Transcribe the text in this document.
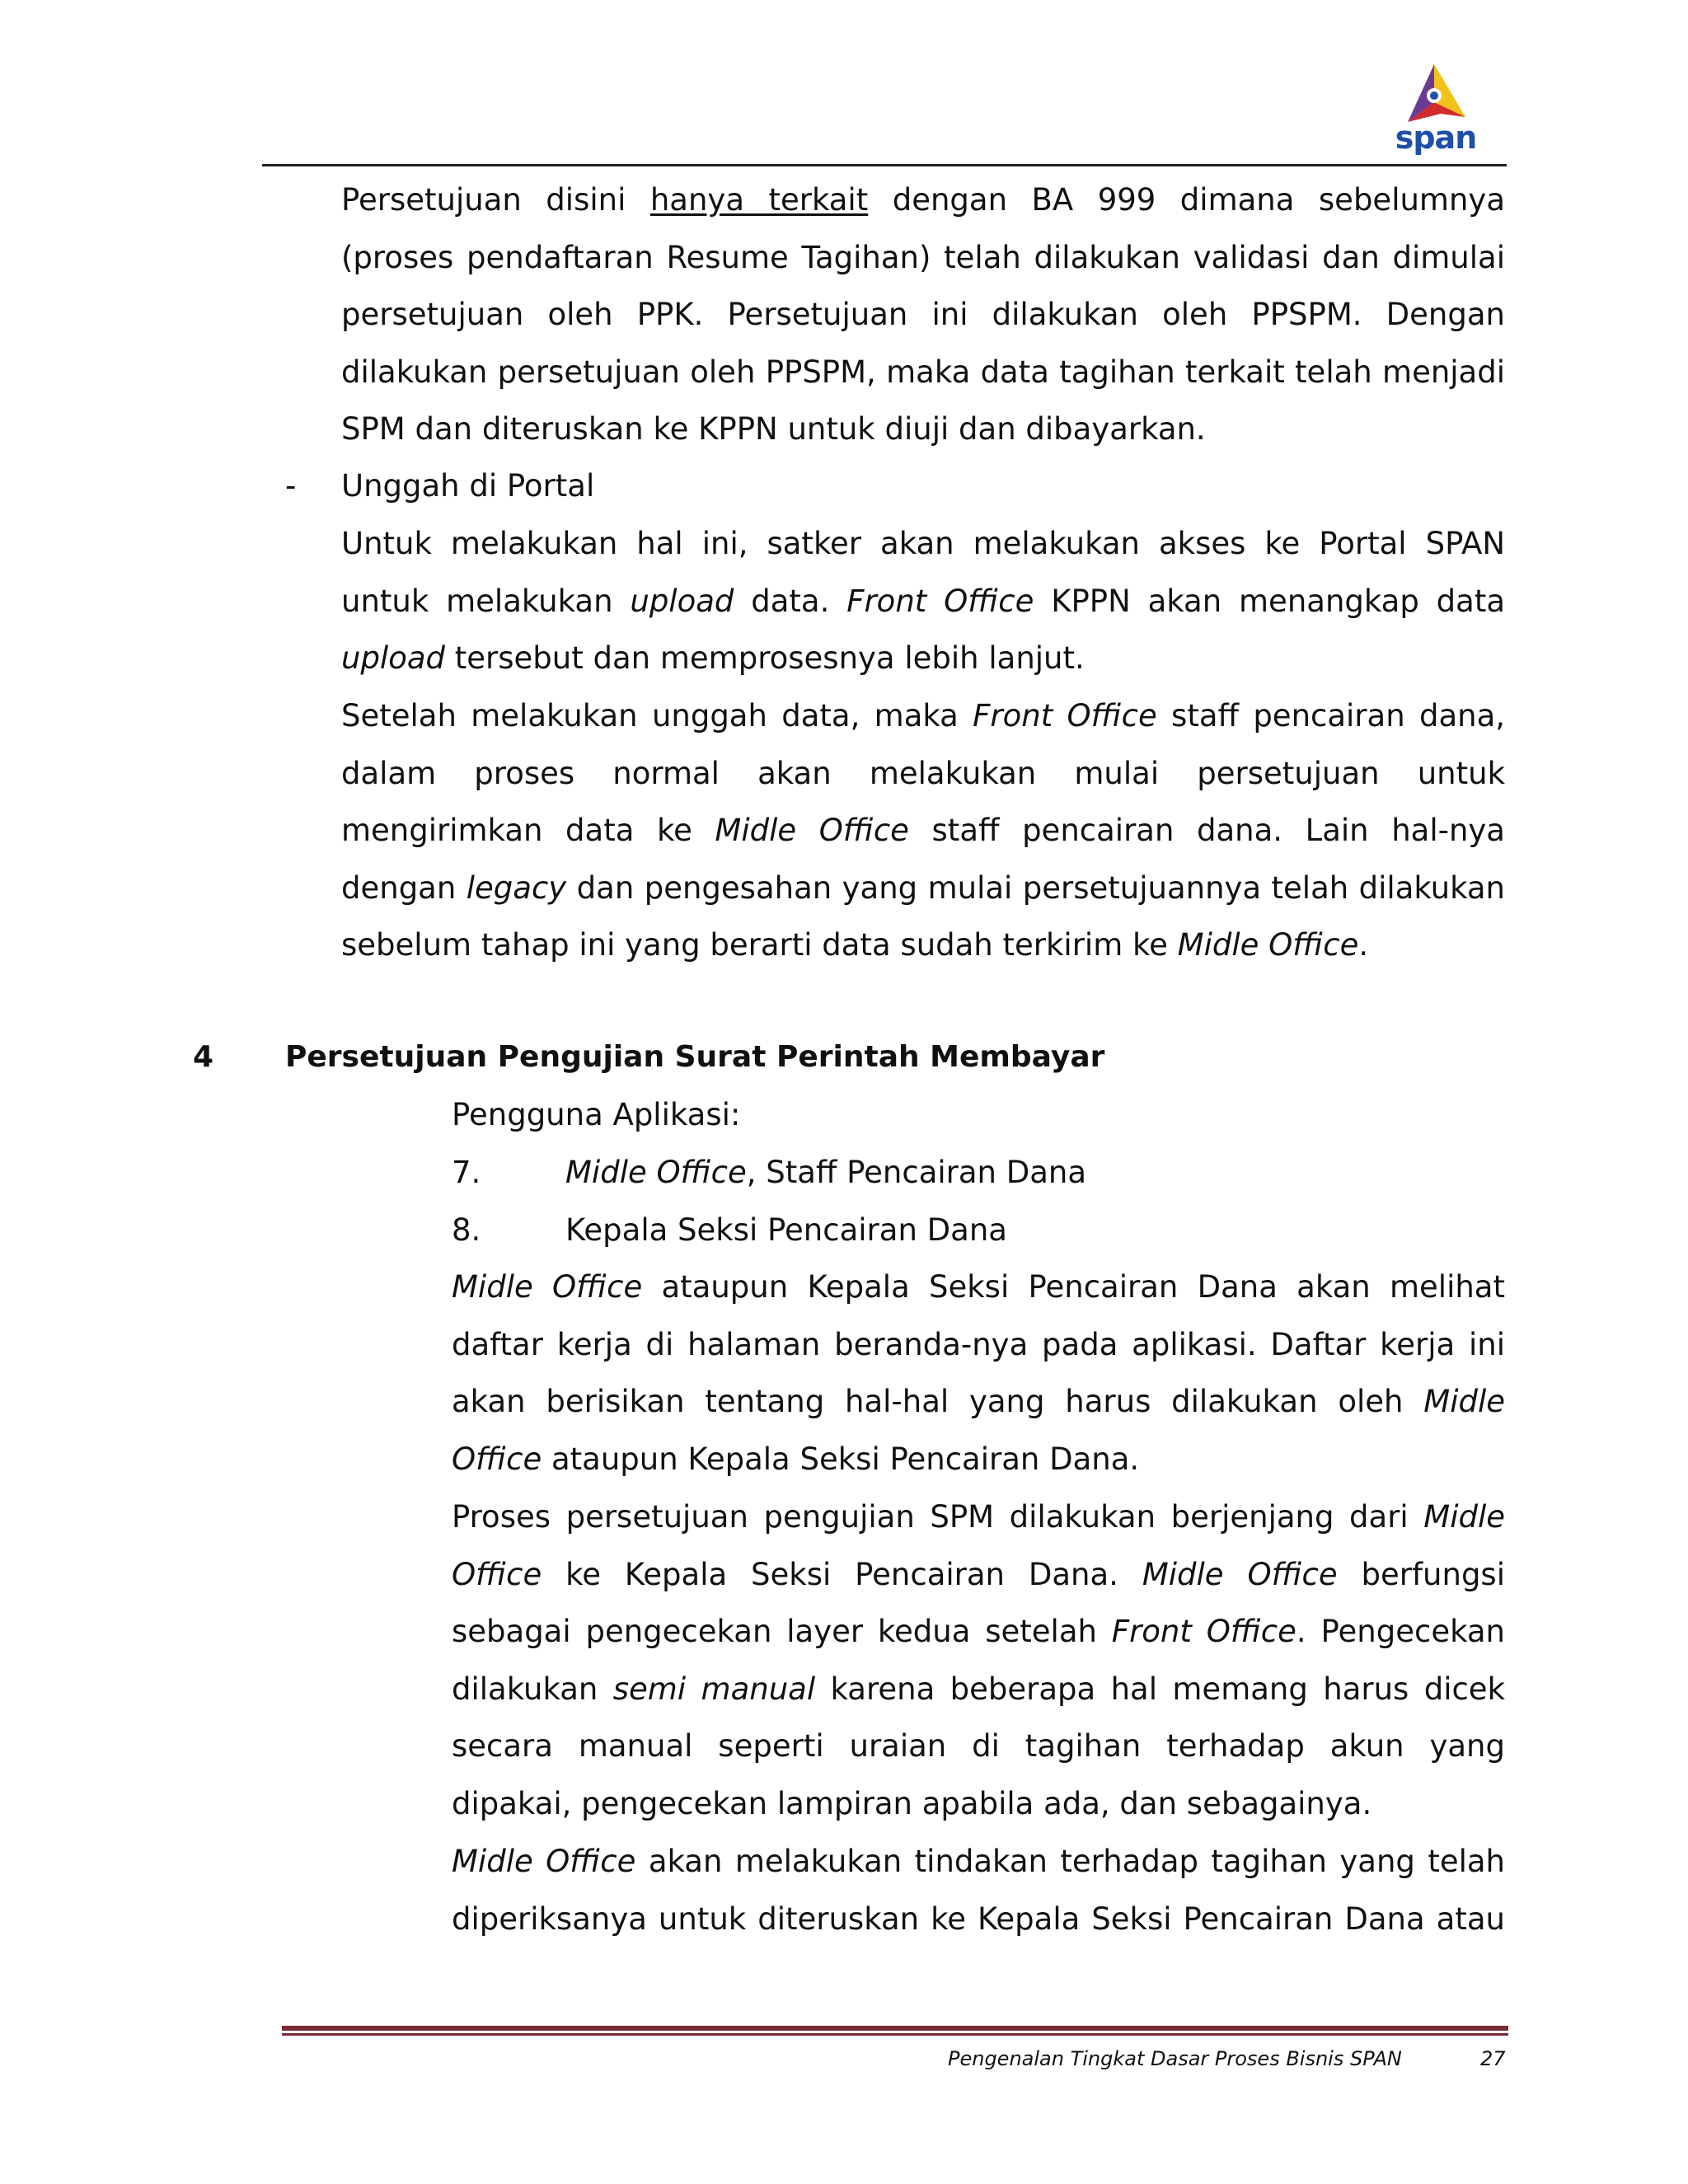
span

Persetujuan disini hanya terkait dengan BA 999 dimana sebelumnya (proses pendaftaran Resume Tagihan) telah dilakukan validasi dan dimulai persetujuan oleh PPK. Persetujuan ini dilakukan oleh PPSPM. Dengan dilakukan persetujuan oleh PPSPM, maka data tagihan terkait telah menjadi SPM dan diteruskan ke KPPN untuk diuji dan dibayarkan.

- Unggah di Portal

Untuk melakukan hal ini, satker akan melakukan akses ke Portal SPAN untuk melakukan upload data. Front Office KPPN akan menangkap data upload tersebut dan memprosesnya lebih lanjut.

Setelah melakukan unggah data, maka Front Office staff pencairan dana, dalam proses normal akan melakukan mulai persetujuan untuk mengirimkan data ke Midle Office staff pencairan dana. Lain hal-nya dengan legacy dan pengesahan yang mulai persetujuannya telah dilakukan sebelum tahap ini yang berarti data sudah terkirim ke Midle Office.

4 Persetujuan Pengujian Surat Perintah Membayar
Pengguna Aplikasi:
7.	Midle Office, Staff Pencairan Dana
8.	Kepala Seksi Pencairan Dana

Midle Office ataupun Kepala Seksi Pencairan Dana akan melihat daftar kerja di halaman beranda-nya pada aplikasi. Daftar kerja ini akan berisikan tentang hal-hal yang harus dilakukan oleh Midle Office ataupun Kepala Seksi Pencairan Dana.

Proses persetujuan pengujian SPM dilakukan berjenjang dari Midle Office ke Kepala Seksi Pencairan Dana. Midle Office berfungsi sebagai pengecekan layer kedua setelah Front Office. Pengecekan dilakukan semi manual karena beberapa hal memang harus dicek secara manual seperti uraian di tagihan terhadap akun yang dipakai, pengecekan lampiran apabila ada, dan sebagainya.

Midle Office akan melakukan tindakan terhadap tagihan yang telah diperiksanya untuk diteruskan ke Kepala Seksi Pencairan Dana atau

Pengenalan Tingkat Dasar Proses Bisnis SPAN	27
